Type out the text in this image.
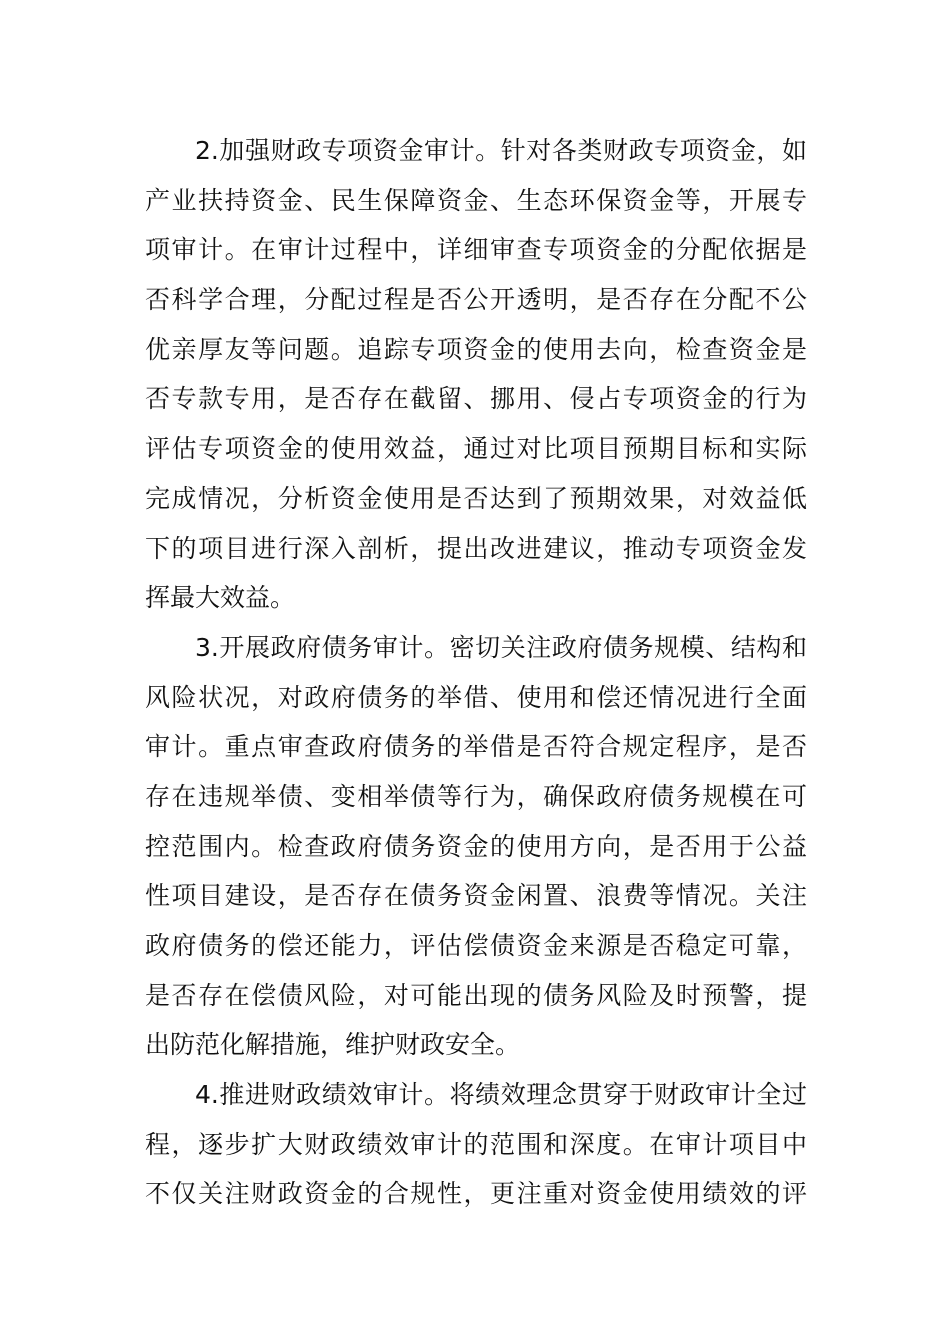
2.加强财政专项资金审计。针对各类财政专项资金，如
产业扶持资金、民生保障资金、生态环保资金等，开展专
项审计。在审计过程中，详细审查专项资金的分配依据是
否科学合理，分配过程是否公开透明，是否存在分配不公
优亲厚友等问题。追踪专项资金的使用去向，检查资金是
否专款专用，是否存在截留、挪用、侵占专项资金的行为
评估专项资金的使用效益，通过对比项目预期目标和实际
完成情况，分析资金使用是否达到了预期效果，对效益低
下的项目进行深入剖析，提出改进建议，推动专项资金发
挥最大效益。
3.开展政府债务审计。密切关注政府债务规模、结构和
风险状况，对政府债务的举借、使用和偿还情况进行全面
审计。重点审查政府债务的举借是否符合规定程序，是否
存在违规举债、变相举债等行为，确保政府债务规模在可
控范围内。检查政府债务资金的使用方向，是否用于公益
性项目建设，是否存在债务资金闲置、浪费等情况。关注
政府债务的偿还能力，评估偿债资金来源是否稳定可靠，
是否存在偿债风险，对可能出现的债务风险及时预警，提
出防范化解措施，维护财政安全。
4.推进财政绩效审计。将绩效理念贯穿于财政审计全过
程，逐步扩大财政绩效审计的范围和深度。在审计项目中
不仅关注财政资金的合规性，更注重对资金使用绩效的评
